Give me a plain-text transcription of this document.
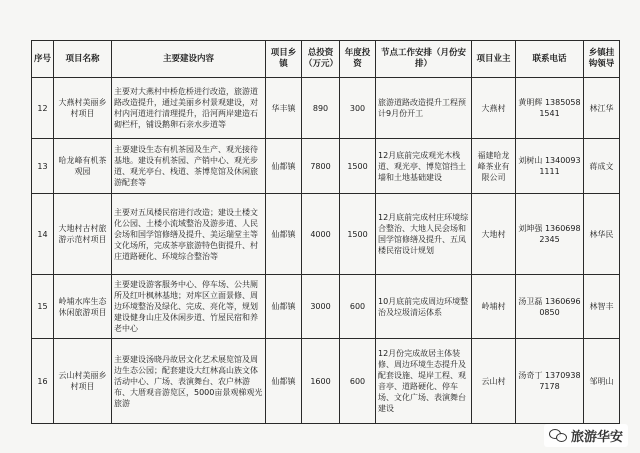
序号	项目名称	主要建设内容	项目乡镇	总投资（万元）	年度投资	节点工作安排（月份安排）	项目业主	联系电话	乡镇挂钩领导
12	大燕村美丽乡村项目	主要对大燕村中桥危桥进行改造，旅游道路改造提升，通过美丽乡村景观建设，对村内河道进行清理提升，沿河两岸建造石砌栏杆，铺设鹅卵石亲水步道等	华丰镇	890	300	旅游道路改造提升工程预计9月份开工	大燕村	黄明辉 13850581541	林江华
13	哈龙峰有机茶观园	主要建设生态有机茶园及生产、观光接待基地。建设有机茶园、产销中心、观光步道、观光亭台、栈道、茶博览馆及休闲旅游配套等	仙都镇	7800	1500	12月底前完成观光木栈道、观光亭、博览馆挡土墙和土地基础建设	福建哈龙峰茶业有限公司	刘树山 13400931111	蒋成文
14	大地村古村旅游示范村项目	主要对五凤楼民宿进行改造；建设土楼文化公园、土楼小流域整治及游步道、人民会场和国学馆修缮及提升、美运瑞堂主等文化场所，完成茶亭旅游特色街提升、村庄道路硬化、环境综合整治等	仙都镇	4000	1500	12月底前完成村庄环境综合整治、大地人民会场和国学馆修缮及提升、五凤楼民宿设计规划	大地村	刘坤强 13606982345	林华民
15	岭埔水库生态休闲旅游项目	主要建设游客服务中心、停车场、公共厕所及红叶枫林基地；对库区立面景修、周边环境整治及绿化、完成、亮化等，规划建设健身山庄及休闲步道、竹屋民宿和养老中心	仙都镇	3000	600	10月底前完成周边环境整治及垃圾清运体系	岭埔村	汤卫磊 13606960850	林智丰
16	云山村美丽乡村项目	主要建设汤晓丹故居文化艺术展览馆及周边生态公园；配套建设大红林高山族文体活动中心、广场、表演舞台、农户林游布、大厝观音游览区，5000亩景观梯观光旅游	仙都镇	1600	600	12月份完成故居主体装修、周边环境生态提升及配套设施、堤岸工程、观音亭、道路硬化、停车场、文化广场、表演舞台建设	云山村	汤奇丁 13709387178	邹明山
旅游华安
